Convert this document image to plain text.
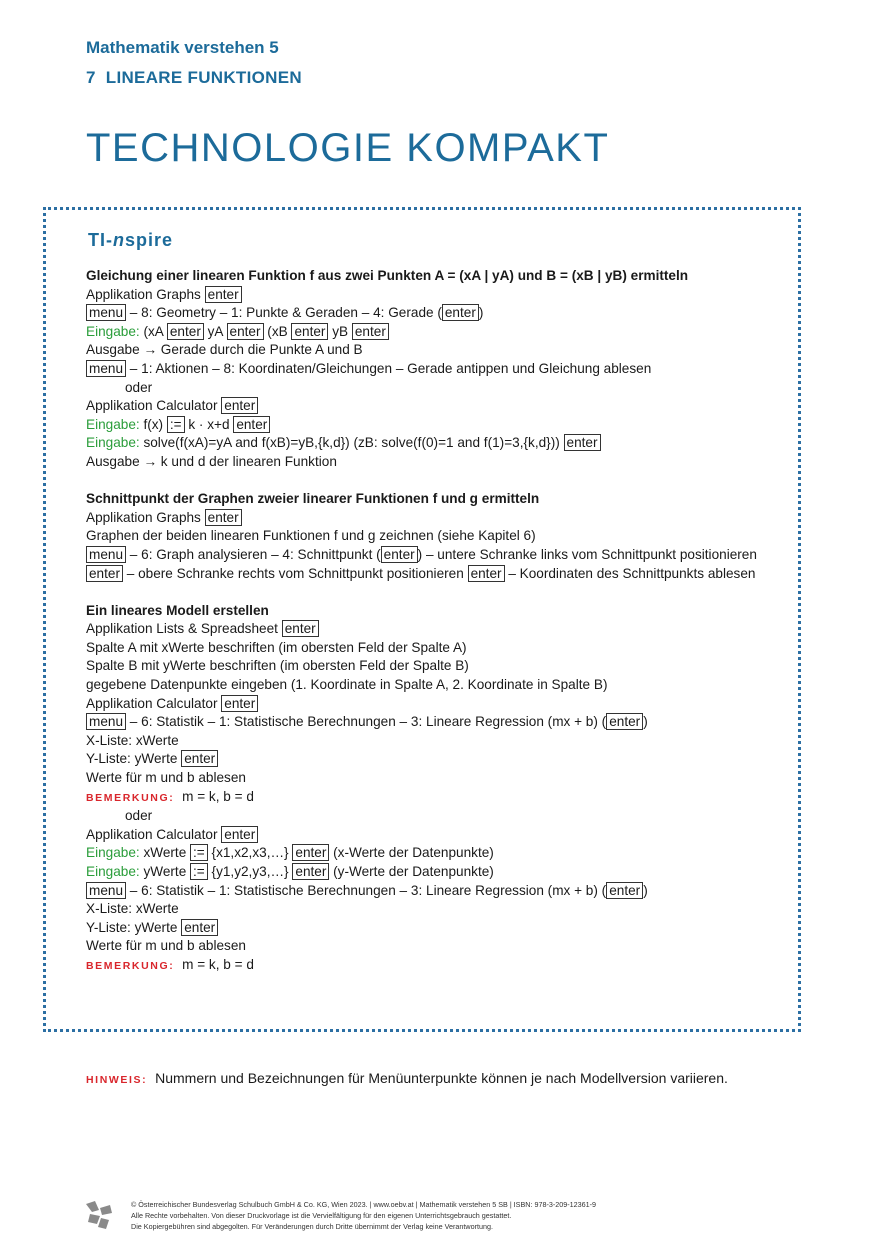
Mathematik verstehen 5
7 LINEARE FUNKTIONEN
TECHNOLOGIE KOMPAKT
TI-nspire
Gleichung einer linearen Funktion f aus zwei Punkten A = (xA | yA) und B = (xB | yB) ermitteln
Applikation Graphs enter
menu – 8: Geometry – 1: Punkte & Geraden – 4: Gerade ( enter )
Eingabe: (xA enter yA enter (xB enter yB enter
Ausgabe → Gerade durch die Punkte A und B
menu – 1: Aktionen – 8: Koordinaten/Gleichungen – Gerade antippen und Gleichung ablesen
oder
Applikation Calculator enter
Eingabe: f(x) := k · x+d enter
Eingabe: solve(f(xA)=yA and f(xB)=yB,{k,d}) (zB: solve(f(0)=1 and f(1)=3,{k,d})) enter
Ausgabe → k und d der linearen Funktion
Schnittpunkt der Graphen zweier linearer Funktionen f und g ermitteln
Applikation Graphs enter
Graphen der beiden linearen Funktionen f und g zeichnen (siehe Kapitel 6)
menu – 6: Graph analysieren – 4: Schnittpunkt ( enter ) – untere Schranke links vom Schnittpunkt positionieren
enter – obere Schranke rechts vom Schnittpunkt positionieren enter – Koordinaten des Schnittpunkts ablesen
Ein lineares Modell erstellen
Applikation Lists & Spreadsheet enter
Spalte A mit xWerte beschriften (im obersten Feld der Spalte A)
Spalte B mit yWerte beschriften (im obersten Feld der Spalte B)
gegebene Datenpunkte eingeben (1. Koordinate in Spalte A, 2. Koordinate in Spalte B)
Applikation Calculator enter
menu – 6: Statistik – 1: Statistische Berechnungen – 3: Lineare Regression (mx + b) ( enter )
X-Liste: xWerte
Y-Liste: yWerte enter
Werte für m und b ablesen
BEMERKUNG: m = k, b = d
oder
Applikation Calculator enter
Eingabe: xWerte := {x1,x2,x3,…} enter (x-Werte der Datenpunkte)
Eingabe: yWerte := {y1,y2,y3,…} enter (y-Werte der Datenpunkte)
menu – 6: Statistik – 1: Statistische Berechnungen – 3: Lineare Regression (mx + b) ( enter )
X-Liste: xWerte
Y-Liste: yWerte enter
Werte für m und b ablesen
BEMERKUNG: m = k, b = d
HINWEIS: Nummern und Bezeichnungen für Menüunterpunkte können je nach Modellversion variieren.
© Österreichischer Bundesverlag Schulbuch GmbH & Co. KG, Wien 2023. | www.oebv.at | Mathematik verstehen 5 SB | ISBN: 978-3-209-12361-9
Alle Rechte vorbehalten. Von dieser Druckvorlage ist die Vervielfältigung für den eigenen Unterrichtsgebrauch gestattet.
Die Kopiergebühren sind abgegolten. Für Veränderungen durch Dritte übernimmt der Verlag keine Verantwortung.
